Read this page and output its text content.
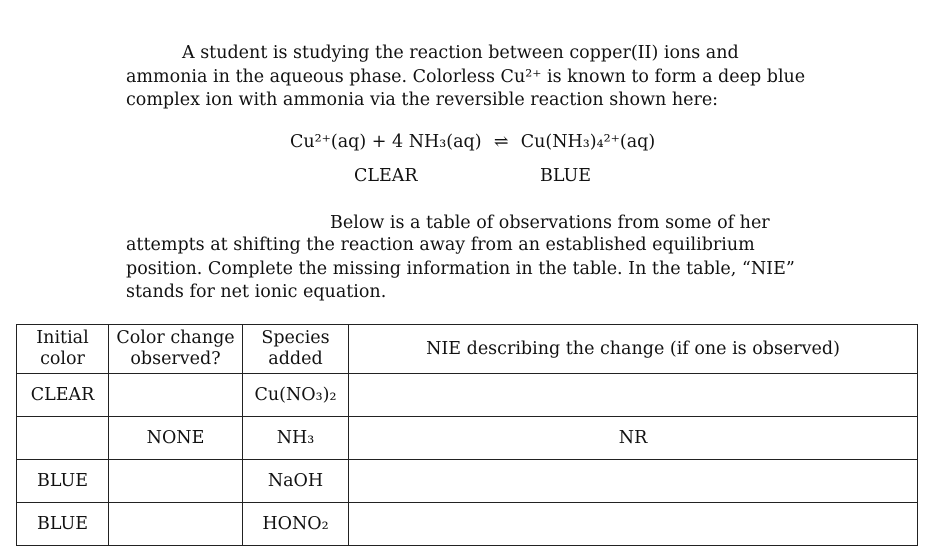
A student is studying the reaction between copper(II) ions and ammonia in the aqueous phase. Colorless Cu²⁺ is known to form a deep blue complex ion with ammonia via the reversible reaction shown here:
Cu²⁺(aq) + 4 NH₃(aq) ⇌ Cu(NH₃)₄²⁺(aq)
CLEAR	BLUE
Below is a table of observations from some of her
attempts at shifting the reaction away from an established equilibrium position. Complete the missing information in the table. In the table, “NIE” stands for net ionic equation.
Initial color	Color change observed?	Species added	NIE describing the change (if one is observed)
CLEAR		Cu(NO₃)₂	
	NONE	NH₃	NR
BLUE		NaOH	
BLUE		HONO₂	
